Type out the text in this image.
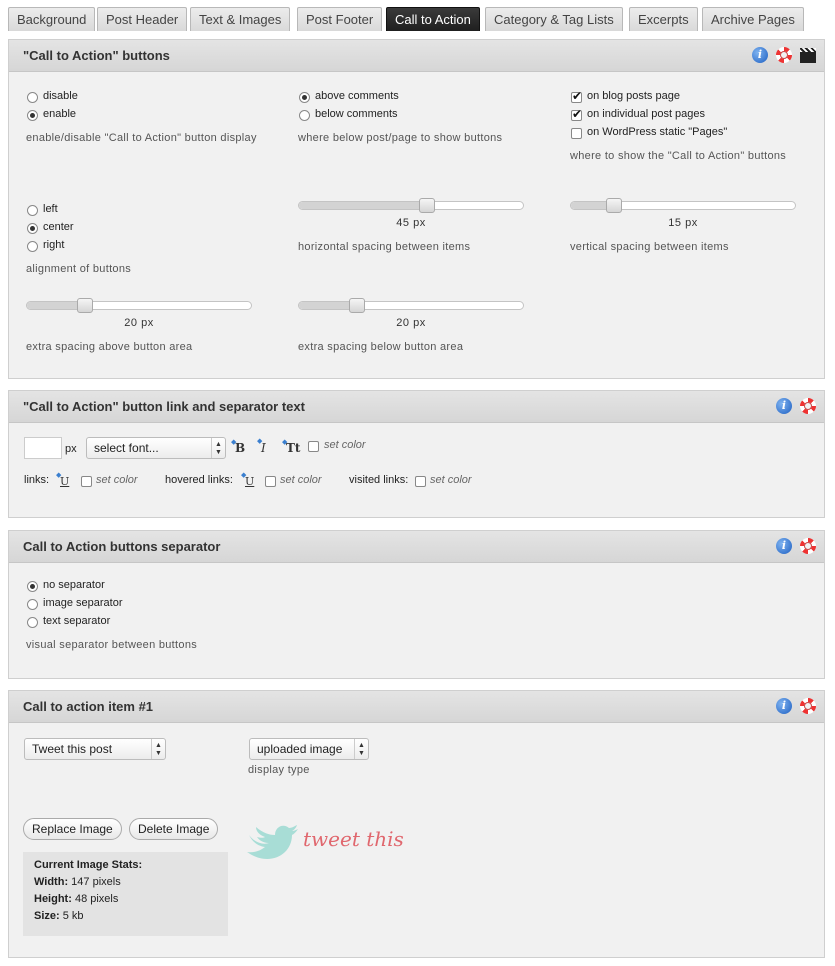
Background	Post Header	Text & Images	Post Footer	Call to Action	Category & Tag Lists	Excerpts	Archive Pages
"Call to Action" buttons	i
disable
enable
enable/disable "Call to Action" button display
above comments
below comments
where below post/page to show buttons
✔
on blog posts page
✔
on individual post pages
on WordPress static "Pages"
where to show the "Call to Action" buttons
left
center
right
alignment of buttons
45 px
horizontal spacing between items
15 px
vertical spacing between items
20 px
extra spacing above button area
20 px
extra spacing below button area
"Call to Action" button link and separator text	i
px	select font...	▲
▼
◆
B ◆
I ◆
Tt set color
links: ◆
U set color hovered links: ◆
U set color visited links: set color
Call to Action buttons separator	i
no separator
image separator
text separator
visual separator between buttons
Call to action item #1	i
Tweet this post	▲
▼	uploaded image	▲
▼
display type
Replace Image	Delete Image
Current Image Stats:
Width: 147 pixels
Height: 48 pixels
Size: 5 kb
tweet this
